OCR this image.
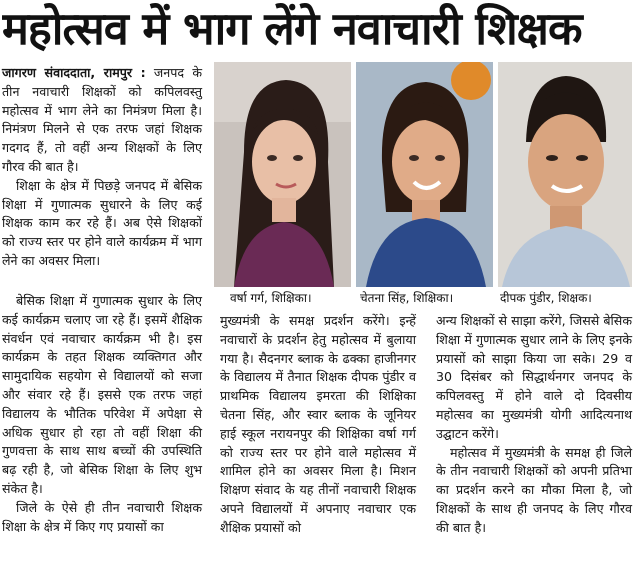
महोत्सव में भाग लेंगे नवाचारी शिक्षक

जागरण संवाददाता, रामपुर : जनपद के तीन नवाचारी शिक्षकों को कपिलवस्तु महोत्सव में भाग लेने का निमंत्रण मिला है। निमंत्रण मिलने से एक तरफ जहां शिक्षक गदगद हैं, तो वहीं अन्य शिक्षकों के लिए गौरव की बात है।

शिक्षा के क्षेत्र में पिछड़े जनपद में बेसिक शिक्षा में गुणात्मक सुधारने के लिए कई शिक्षक काम कर रहे हैं। अब ऐसे शिक्षकों को राज्य स्तर पर होने वाले कार्यक्रम में भाग लेने का अवसर मिला।

बेसिक शिक्षा में गुणात्मक सुधार के लिए कई कार्यक्रम चलाए जा रहे हैं। इसमें शैक्षिक संवर्धन एवं नवाचार कार्यक्रम भी है। इस कार्यक्रम के तहत शिक्षक व्यक्तिगत और सामुदायिक सहयोग से विद्यालयों को सजा और संवार रहे हैं। इससे एक तरफ जहां विद्यालय के भौतिक परिवेश में अपेक्षा से अधिक सुधार हो रहा तो वहीं शिक्षा की गुणवत्ता के साथ साथ बच्चों की उपस्थिति बढ़ रही है, जो बेसिक शिक्षा के लिए शुभ संकेत है।

जिले के ऐसे ही तीन नवाचारी शिक्षक शिक्षा के क्षेत्र में किए गए प्रयासों का

वर्षा गर्ग, शिक्षिका।	चेतना सिंह, शिक्षिका।	दीपक पुंडीर, शिक्षक।

मुख्यमंत्री के समक्ष प्रदर्शन करेंगे। इन्हें नवाचारों के प्रदर्शन हेतु महोत्सव में बुलाया गया है। सैदनगर ब्लाक के ढक्का हाजीनगर के विद्यालय में तैनात शिक्षक दीपक पुंडीर व प्राथमिक विद्यालय इमरता की शिक्षिका चेतना सिंह, और स्वार ब्लाक के जूनियर हाई स्कूल नरायनपुर की शिक्षिका वर्षा गर्ग को राज्य स्तर पर होने वाले महोत्सव में शामिल होने का अवसर मिला है। मिशन शिक्षण संवाद के यह तीनों नवाचारी शिक्षक अपने विद्यालयों में अपनाए नवाचार एक शैक्षिक प्रयासों को

अन्य शिक्षकों से साझा करेंगे, जिससे बेसिक शिक्षा में गुणात्मक सुधार लाने के लिए इनके प्रयासों को साझा किया जा सके। 29 व 30 दिसंबर को सिद्धार्थनगर जनपद के कपिलवस्तु में होने वाले दो दिवसीय महोत्सव का मुख्यमंत्री योगी आदित्यनाथ उद्घाटन करेंगे।

महोत्सव में मुख्यमंत्री के समक्ष ही जिले के तीन नवाचारी शिक्षकों को अपनी प्रतिभा का प्रदर्शन करने का मौका मिला है, जो शिक्षकों के साथ ही जनपद के लिए गौरव की बात है।
